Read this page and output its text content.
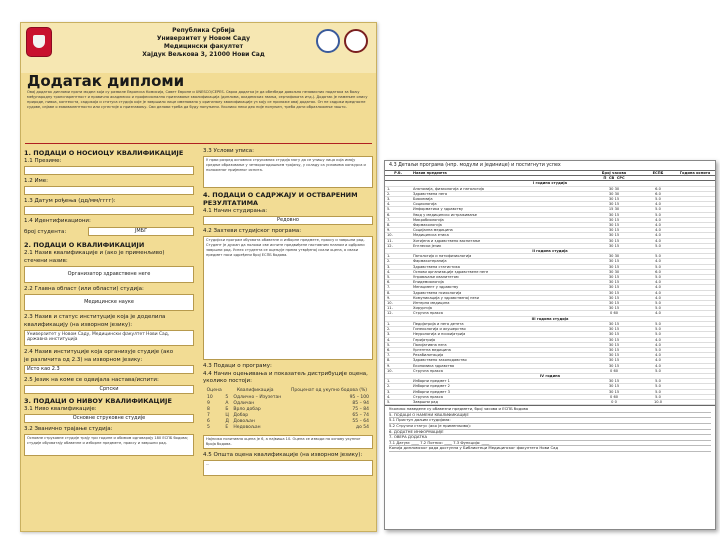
Република Србија
Универзитет у Новом Саду
Медицински факултет
Хајдук Вељкова 3, 21000 Нови Сад
Додатак дипломи
Овај додатак дипломи прати модел који су развиле Европска Комисија, Савет Европе и UNESCO/CEPES. Сврха додатка је да обезбеди довољно независних података за бољу међународну транспарентност и правично академско и професионално признавање квалификација (диплома, академских звања, сертификата итд.). Додатак је намењен опису природе, нивоа, контекста, садржаја и статуса студија које је завршило лице именовано у оригиналу квалификације уз коју се прилаже овај додатак. Он не садржи вредносне судове, изјаве о еквивалентности или сугестије о признавању. Сви делови треба да буду попуњени. Уколико неки део није попуњен, треба дати образложење зашто.
1. ПОДАЦИ О НОСИОЦУ КВАЛИФИКАЦИЈЕ
1.1 Презиме:
1.2 Име:
1.3 Датум рођења (дд/мм/гггг):
1.4 Идентификациони:
број студента:	ЈМБГ
2. ПОДАЦИ О КВАЛИФИКАЦИЈИ
2.1 Назив квалификације и (ако је применљиво)
стечени назив:
Организатор здравствене неге
2.2 Главна област (или области) студија:
Медицинске науке
2.3 Назив и статус институције која је доделила
квалификацију (на изворном језику):
Универзитет у Новом Саду, Медицински факултет Нови Сад, државна институција
2.4 Назив институције која организује студије (ако
је различита од 2.3) на изворном језику:
Исто као 2.3
2.5 Језик на коме се одвијала настава/испити:
Српски
3. ПОДАЦИ О НИВОУ КВАЛИФИКАЦИЈЕ
3.1 Ниво квалификације:
Основне струковне студије
3.2 Званично трајање студија:
Основне струковне студије трају три године и обимом одговарају 180 ЕСПБ бодова; студије обухватају обавезне и изборне предмете, праксу и завршни рад.
3.3 Услови уписа:
У први разред основних струковних студија могу да се упишу лица која имају средње образовање у четворогодишњем трајању, у складу са условима конкурса и положеног пријемног испита.
4. ПОДАЦИ О САДРЖАЈУ И ОСТВАРЕНИМ РЕЗУЛТАТИМА
4.1 Начин студирања:
Редовно
4.2 Захтеви студијског програма:
Студијски програм обухвата обавезне и изборне предмете, праксу и завршни рад. Студент је дужан да положи све испите предвиђене наставним планом и одбрани завршни рад. Успех студента се оцењује према утврђеној скали оцена, а сваки предмет носи одређени број ЕСПБ бодова.
4.3 Подаци о програму:
4.4 Начин оцењивања и показатељ дистрибуције оцена, уколико постоји:
Оцена	Квалификација		Проценат од укупно бодова (%)
10	5	Одлично – Изузетан	95 – 100
9	А	Одличан	85 – 94
8	Б	Врло добар	75 – 84
7	Ц	Добар	65 – 74
6	Д	Довољан	55 – 64
5	Е	Недовољан	до 54
Најнижа позитивна оцена је 6, а највиша 10. Оцена се изводи на основу укупног броја бодова.
4.5 Општа оцена квалификације (на изворном језику):
...
4.3 Детаљи програма (нпр. модули и јединице) и постигнути успех
Р.б.	Назив предмета	Број часова	ЕСПБ	Година испита
		П СВ СРС		
I година студија				
1.	Анатомија, физиологија и патологија	30 30	6.0	
2.	Здравствена нега	30 30	6.0	
3.	Биохемија	30 15	5.0	
4.	Социологија	30 15	4.0	
5.	Информатика у здравству	15 30	5.0	
6.	Увод у медицинско истраживање	30 15	5.0	
7.	Микробиологија	30 15	4.0	
8.	Фармакологија	30 15	4.0	
9.	Социјална медицина	30 15	4.0	
10.	Медицинска етика	30 15	4.0	
11.	Хигијена и здравствено васпитање	30 15	4.0	
12.	Енглески језик	30 15	5.0	
II година студија				
1.	Патологија и патофизиологија	30 30	5.0	
2.	Фармакотерапија	30 15	4.0	
3.	Здравствена статистика	30 15	5.0	
4.	Основи организације здравствене неге	30 30	6.0	
5.	Управљање квалитетом	30 15	5.0	
6.	Епидемиологија	30 15	4.0	
7.	Менаџмент у здравству	30 15	4.0	
8.	Здравствена психологија	30 15	4.0	
9.	Комуникација у здравственој нези	30 15	4.0	
10.	Интерна медицина	30 15	5.0	
11.	Хирургија	30 15	5.0	
12.	Стручна пракса	0 60	4.0	
III година студија				
1.	Педијатрија и нега детета	30 15	5.0	
2.	Гинекологија и акушерство	30 15	5.0	
3.	Неурологија и психијатрија	30 15	5.0	
4.	Геријатрија	30 15	4.0	
5.	Палијативна нега	30 15	4.0	
6.	Ургентна медицина	30 15	5.0	
7.	Рехабилитација	30 15	4.0	
8.	Здравствено законодавство	30 15	4.0	
9.	Економика здравства	30 15	4.0	
10.	Стручна пракса	0 60	5.0	
IV година				
1.	Изборни предмет 1	30 15	5.0	
2.	Изборни предмет 2	30 15	5.0	
3.	Изборни предмет 3	30 15	5.0	
4.	Стручна пракса	0 60	5.0	
5.	Завршни рад	0 0	10.0	
Уколико наведене су обавезни предмети, број часова и ЕСПБ бодова
5. ПОДАЦИ О НАМЕНИ КВАЛИФИКАЦИЈЕ
5.1 Приступ даљим студијама:
5.2 Стручни статус (ако је применљиво):
6. ДОДАТНЕ ИНФОРМАЦИЈЕ
7. ОВЕРА ДОДАТКА
7.1 Датум: ____ 7.2 Потпис: ____ 7.3 Функција: ____
Копија дипломског рада доступна у Библиотеци Медицинског факултета Нови Сад
